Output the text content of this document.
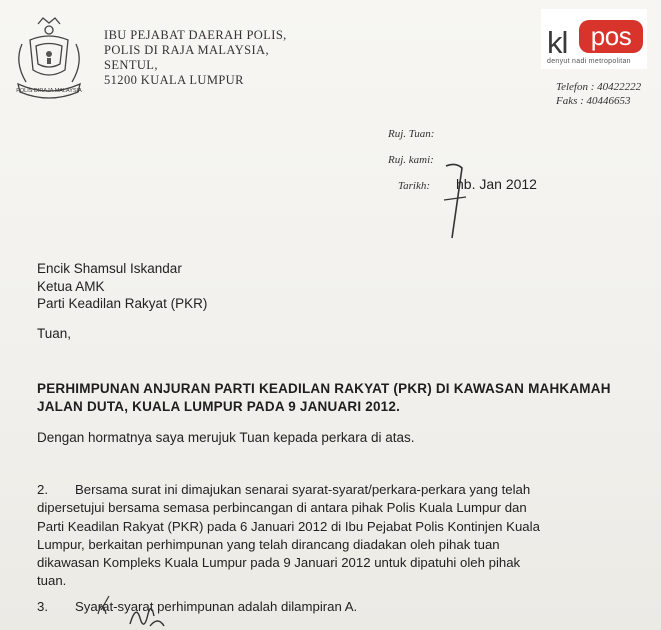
POLIS DIRAJA MALAYSIA
IBU PEJABAT DAERAH POLIS,
POLIS DI RAJA MALAYSIA,
SENTUL,
51200 KUALA LUMPUR
kl pos
denyut nadi metropolitan
Telefon : 40422222
Faks : 40446653
Ruj. Tuan:
Ruj. kami:
Tarikh: hb. Jan 2012
Encik Shamsul Iskandar
Ketua AMK
Parti Keadilan Rakyat (PKR)
Tuan,
PERHIMPUNAN ANJURAN PARTI KEADILAN RAKYAT (PKR) DI KAWASAN MAHKAMAH
JALAN DUTA, KUALA LUMPUR PADA 9 JANUARI 2012.
Dengan hormatnya saya merujuk Tuan kepada perkara di atas.
2. Bersama surat ini dimajukan senarai syarat-syarat/perkara-perkara yang telah
dipersetujui bersama semasa perbincangan di antara pihak Polis Kuala Lumpur dan
Parti Keadilan Rakyat (PKR) pada 6 Januari 2012 di Ibu Pejabat Polis Kontinjen Kuala
Lumpur, berkaitan perhimpunan yang telah dirancang diadakan oleh pihak tuan
dikawasan Kompleks Kuala Lumpur pada 9 Januari 2012 untuk dipatuhi oleh pihak
tuan.
3. Syarat-syarat perhimpunan adalah dilampiran A.
